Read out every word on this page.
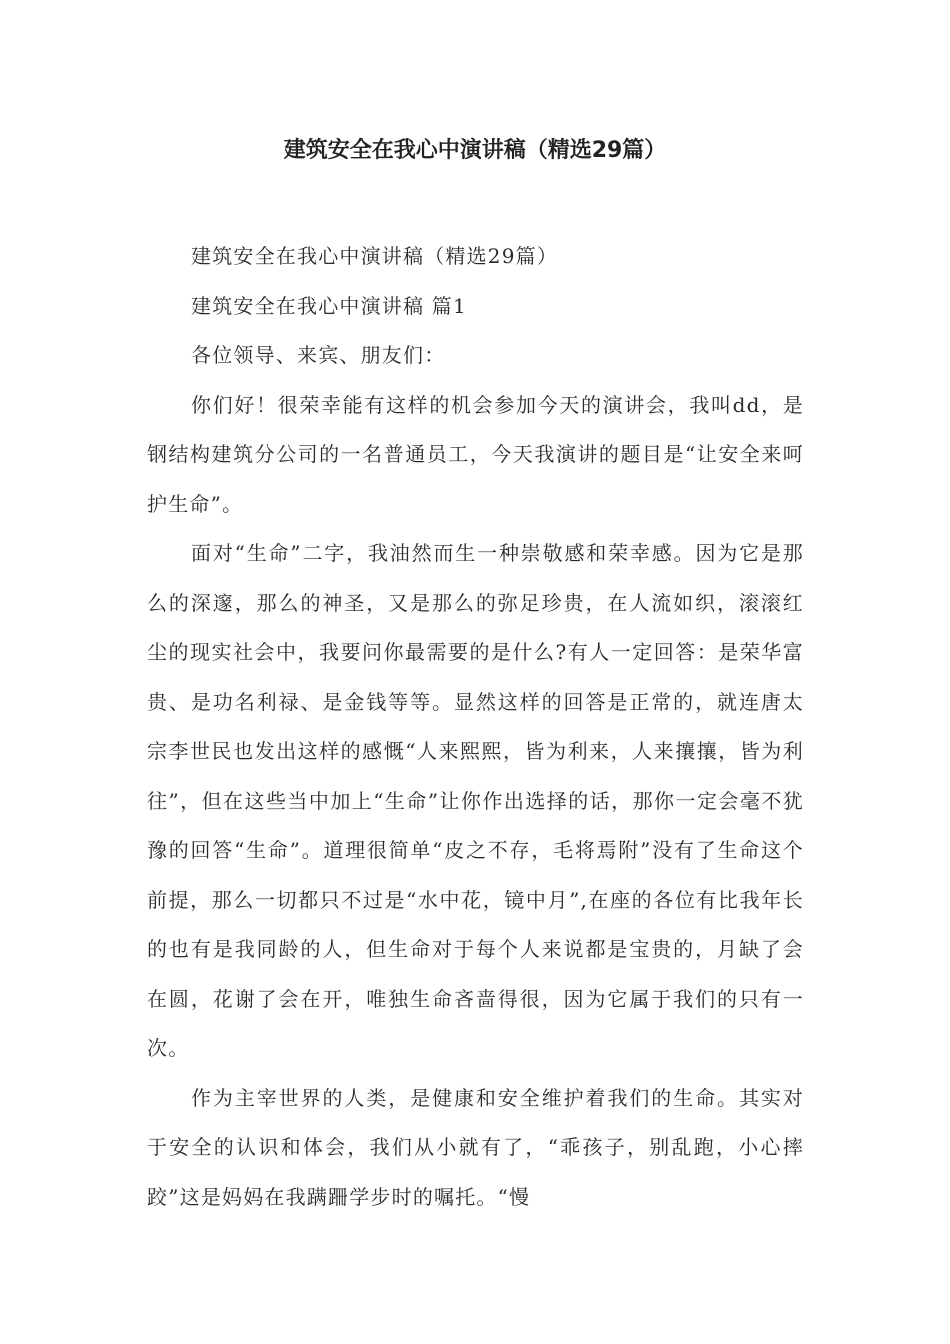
建筑安全在我心中演讲稿（精选29篇）

建筑安全在我心中演讲稿（精选29篇）

建筑安全在我心中演讲稿 篇1

各位领导、来宾、朋友们：

你们好！很荣幸能有这样的机会参加今天的演讲会，我叫dd，是钢结构建筑分公司的一名普通员工，今天我演讲的题目是“让安全来呵护生命”。

面对“生命”二字，我油然而生一种崇敬感和荣幸感。因为它是那么的深邃，那么的神圣，又是那么的弥足珍贵，在人流如织，滚滚红尘的现实社会中，我要问你最需要的是什么?有人一定回答：是荣华富贵、是功名利禄、是金钱等等。显然这样的回答是正常的，就连唐太宗李世民也发出这样的感慨“人来熙熙，皆为利来，人来攘攘，皆为利往”，但在这些当中加上“生命”让你作出选择的话，那你一定会毫不犹豫的回答“生命”。道理很简单“皮之不存，毛将焉附”没有了生命这个前提，那么一切都只不过是“水中花，镜中月”,在座的各位有比我年长的也有是我同龄的人，但生命对于每个人来说都是宝贵的，月缺了会在圆，花谢了会在开，唯独生命吝啬得很，因为它属于我们的只有一次。

作为主宰世界的人类，是健康和安全维护着我们的生命。其实对于安全的认识和体会，我们从小就有了，“乖孩子，别乱跑，小心摔跤”这是妈妈在我蹒跚学步时的嘱托。“慢
